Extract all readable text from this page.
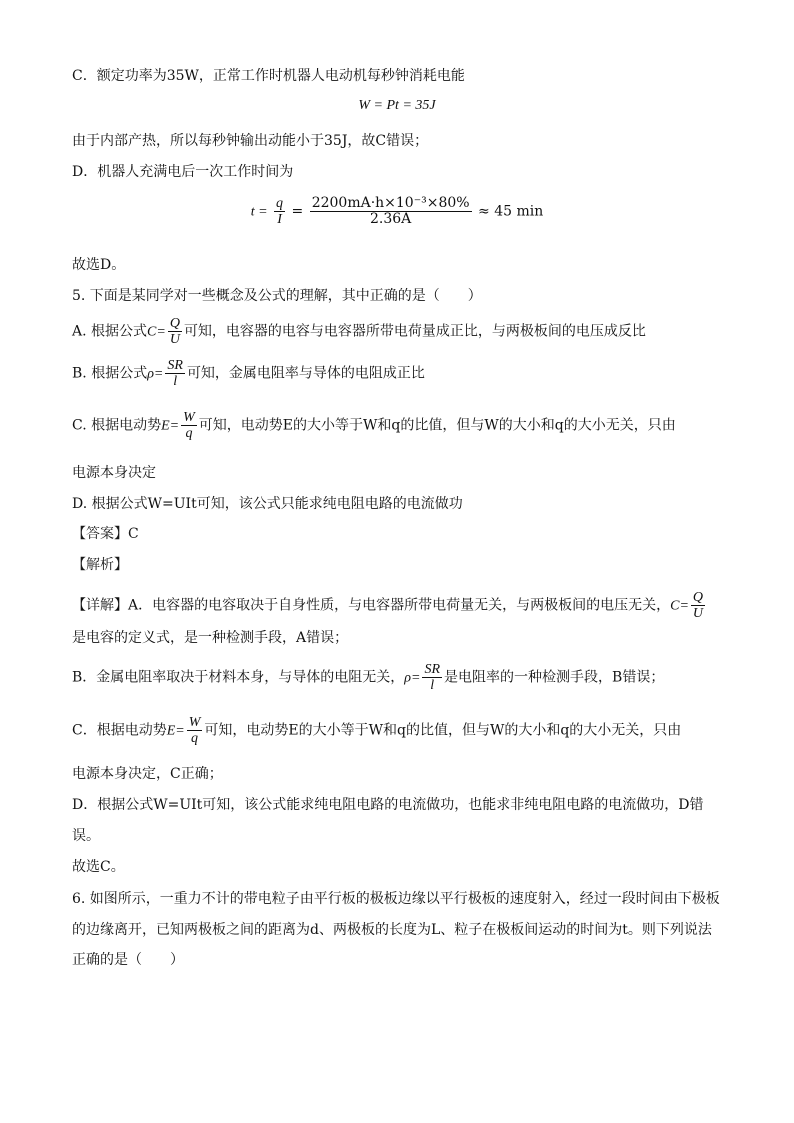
C．额定功率为35W，正常工作时机器人电动机每秒钟消耗电能
W = Pt = 35J
由于内部产热，所以每秒钟输出动能小于35J，故C错误；
D．机器人充满电后一次工作时间为
$t = \frac{q}{I} = \frac{\text{2200mA·h×10⁻³×80\%}}{2.36A} \approx 45$ min
故选D。
5. 下面是某同学对一些概念及公式的理解，其中正确的是（　　）
A. 根据公式$C= \frac{Q}{U}$ 可知，电容器的电容与电容器所带电荷量成正比，与两极板间的电压成反比
B. 根据公式$\rho= \frac{SR}{l}$ 可知，金属电阻率与导体的电阻成正比
C. 根据电动势$E= \frac{W}{q}$ 可知，电动势E的大小等于W和q的比值，但与W的大小和q的大小无关，只由
电源本身决定
D. 根据公式W=UIt可知，该公式只能求纯电阻电路的电流做功
【答案】C
【解析】
【详解】A．电容器的电容取决于自身性质，与电容器所带电荷量无关，与两极板间的电压无关，$C= \frac{Q}{U}$
是电容的定义式，是一种检测手段，A错误；
B．金属电阻率取决于材料本身，与导体的电阻无关，$\rho= \frac{SR}{l}$ 是电阻率的一种检测手段，B错误；
C．根据电动势$E= \frac{W}{q}$ 可知，电动势E的大小等于W和q的比值，但与W的大小和q的大小无关，只由
电源本身决定，C正确；
D．根据公式W=UIt可知，该公式能求纯电阻电路的电流做功，也能求非纯电阻电路的电流做功，D错
误。
故选C。
6. 如图所示，一重力不计的带电粒子由平行板的极板边缘以平行极板的速度射入，经过一段时间由下极板
的边缘离开，已知两极板之间的距离为d、两极板的长度为L、粒子在极板间运动的时间为t。则下列说法
正确的是（　　）
